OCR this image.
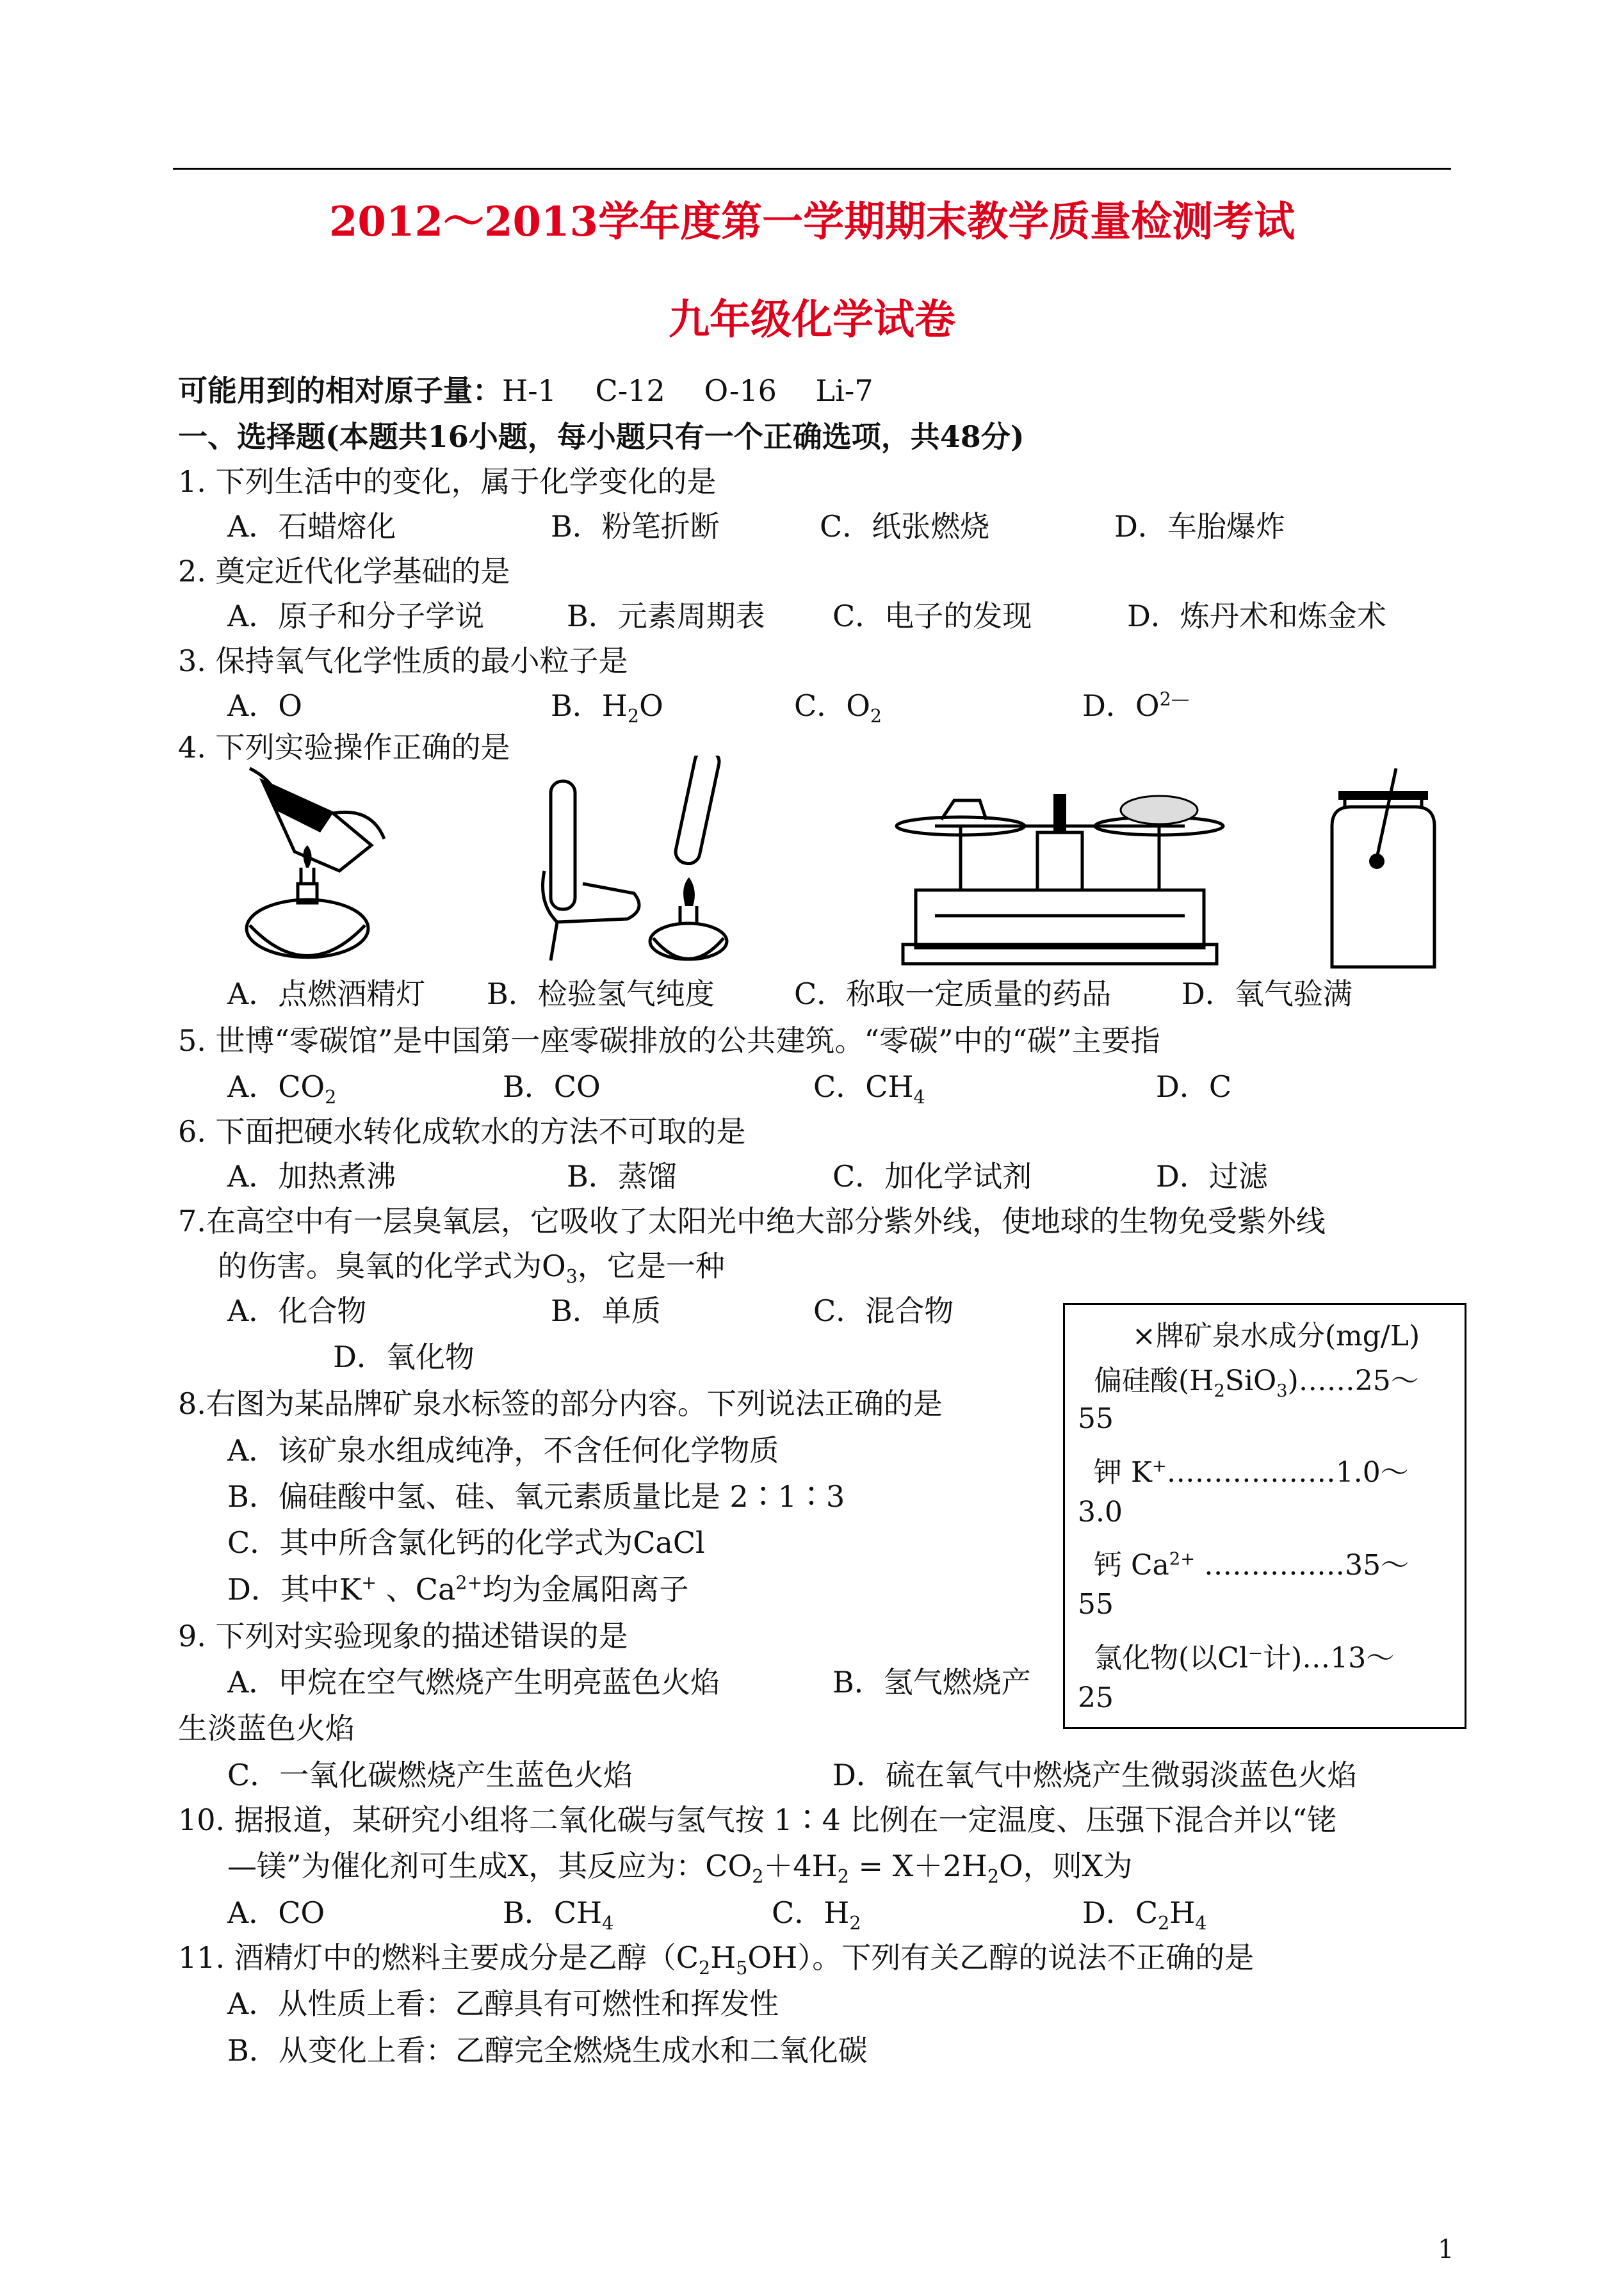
2012～2013学年度第一学期期末教学质量检测考试
九年级化学试卷
可能用到的相对原子量：H-1　 C-12　 O-16　 Li-7
一、选择题(本题共16小题，每小题只有一个正确选项，共48分)
1. 下列生活中的变化，属于化学变化的是
A．石蜡熔化	B．粉笔折断	C．纸张燃烧	D．车胎爆炸
2. 奠定近代化学基础的是
A．原子和分子学说	B．元素周期表 C．电子的发现	D．炼丹术和炼金术
3. 保持氧气化学性质的最小粒子是
A．O	B．$H_2O$	C．$O_2$	D．$O^{2—}$
4. 下列实验操作正确的是
A．点燃酒精灯 B．检验氢气纯度	C．称取一定质量的药品 D．氧气验满
5. 世博“零碳馆”是中国第一座零碳排放的公共建筑。“零碳”中的“碳”主要指
A．$CO_2$	B．CO	C．$CH_4$	D．C
6. 下面把硬水转化成软水的方法不可取的是
A．加热煮沸	B．蒸馏	C．加化学试剂	D．过滤
7.在高空中有一层臭氧层，它吸收了太阳光中绝大部分紫外线，使地球的生物免受紫外线
的伤害。臭氧的化学式为$O_3$，它是一种
A．化合物	B．单质	C．混合物
D．氧化物
×牌矿泉水成分(mg/L)
偏硅酸$(H_2SiO_3)\dots\dots 25\sim$
55
钾 K+………………1.0～
3.0
钙 $Ca^{2+}$ ……………35～
55
氯化物(以Cl⁻计)…13～
25
8.右图为某品牌矿泉水标签的部分内容。下列说法正确的是
A．该矿泉水组成纯净，不含任何化学物质
B．偏硅酸中氢、硅、氧元素质量比是 2∶1∶3
C．其中所含氯化钙的化学式为CaCl
D．其中K+ 、$Ca^{2+}$均为金属阳离子
9. 下列对实验现象的描述错误的是
A．甲烷在空气燃烧产生明亮蓝色火焰	B．氢气燃烧产
生淡蓝色火焰
C．一氧化碳燃烧产生蓝色火焰	D．硫在氧气中燃烧产生微弱淡蓝色火焰
10. 据报道，某研究小组将二氧化碳与氢气按 1∶4 比例在一定温度、压强下混合并以“铑
—镁”为催化剂可生成X，其反应为：$CO_2+4H_2 = X+2H_2O$，则X为
A．CO	B．$CH_4$	C．$H_2$	D．$C_2H_4$
11. 酒精灯中的燃料主要成分是乙醇$(C_2H_5OH)$。下列有关乙醇的说法不正确的是
A．从性质上看：乙醇具有可燃性和挥发性
B．从变化上看：乙醇完全燃烧生成水和二氧化碳
1
